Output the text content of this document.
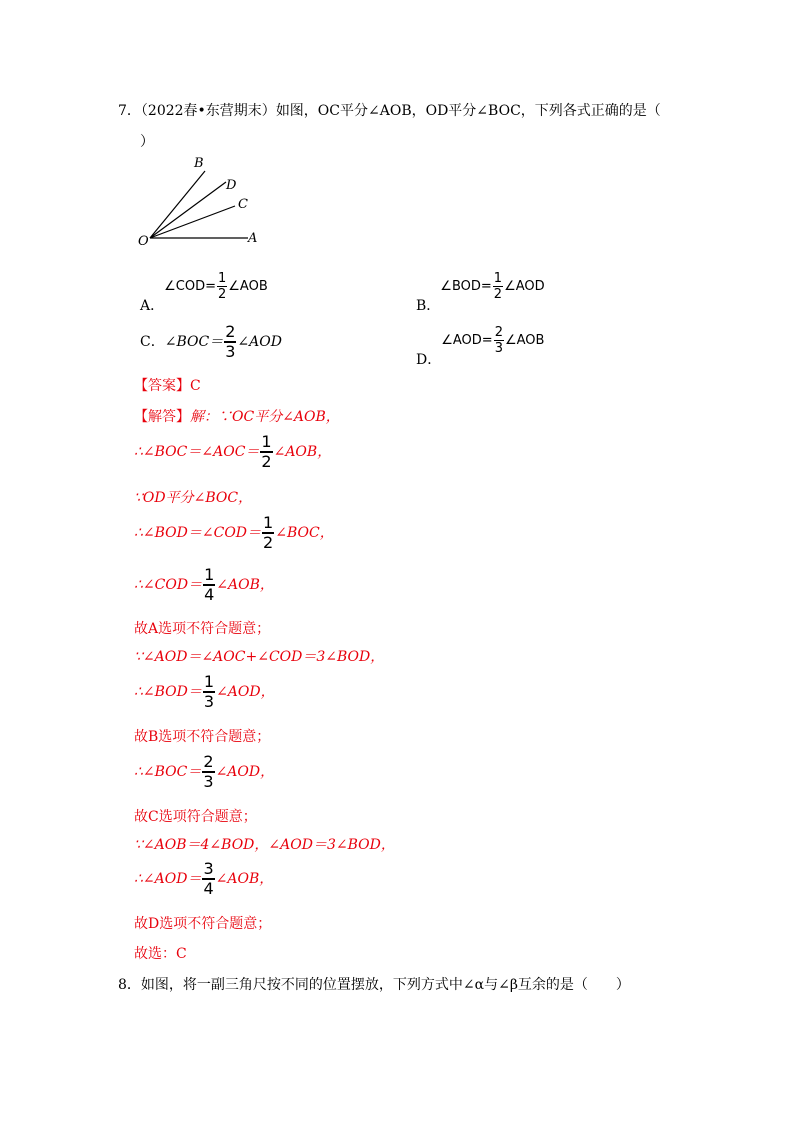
7．（2022春•东营期末）如图，OC平分∠AOB，OD平分∠BOC，下列各式正确的是（
）
B
D
C
O	A
A．∠COD= $\frac{1}{2}$ ∠AOB
B．∠BOD= $\frac{1}{2}$ ∠AOD
C．∠BOC＝ $\frac{2}{3}$ ∠AOD
D．∠AOD= $\frac{2}{3}$ ∠AOB
【答案】C
【解答】解：∵OC平分∠AOB，
∴∠BOC＝∠AOC＝ $\frac{1}{2}$ ∠AOB，
∵OD平分∠BOC，
∴∠BOD＝∠COD＝ $\frac{1}{2}$ ∠BOC，
∴∠COD＝ $\frac{1}{4}$ ∠AOB，
故A选项不符合题意；
∵∠AOD＝∠AOC+∠COD＝3∠BOD，
∴∠BOD＝ $\frac{1}{3}$ ∠AOD，
故B选项不符合题意；
∴∠BOC＝ $\frac{2}{3}$ ∠AOD，
故C选项符合题意；
∵∠AOB＝4∠BOD，∠AOD＝3∠BOD，
∴∠AOD＝ $\frac{3}{4}$ ∠AOB，
故D选项不符合题意；
故选：C
8．如图，将一副三角尺按不同的位置摆放，下列方式中∠α与∠β互余的是（　　）
